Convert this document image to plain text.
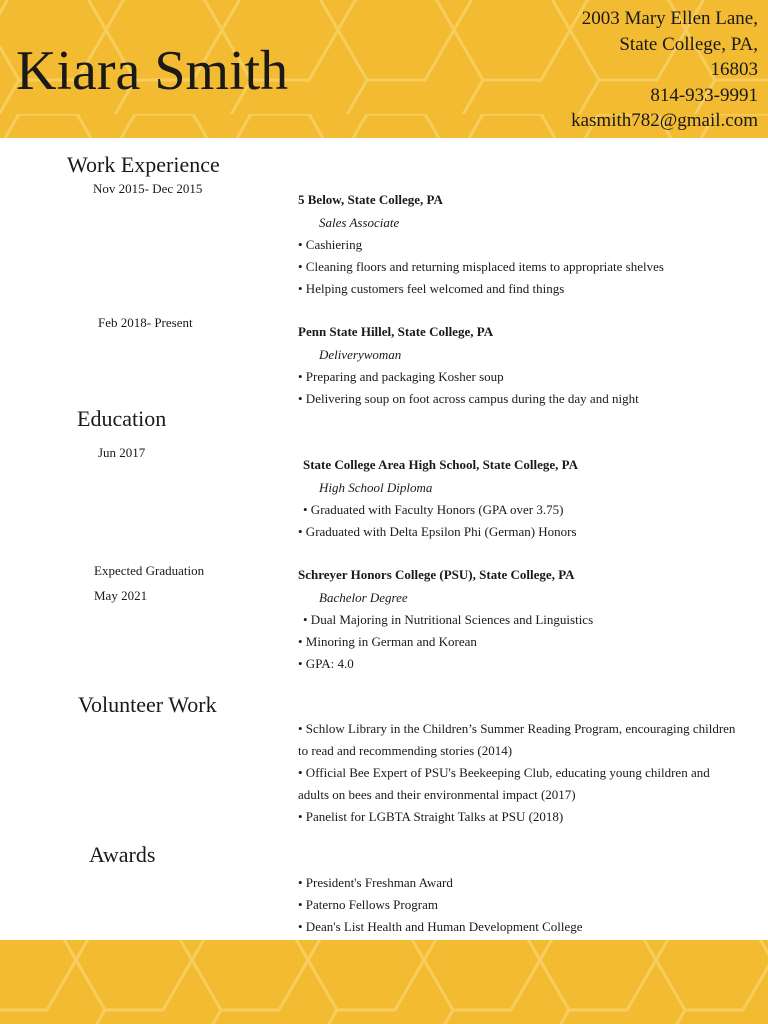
Kiara Smith
2003 Mary Ellen Lane,
State College, PA,
16803
814-933-9991
kasmith782@gmail.com
Work Experience
Nov 2015- Dec 2015
5 Below, State College, PA
Sales Associate
• Cashiering
• Cleaning floors and returning misplaced items to appropriate shelves
• Helping customers feel welcomed and find things
Feb 2018- Present
Penn State Hillel, State College, PA
Deliverywoman
• Preparing and packaging Kosher soup
• Delivering soup on foot across campus during the day and night
Education
Jun 2017
State College Area High School, State College, PA
High School Diploma
• Graduated with Faculty Honors (GPA over 3.75)
• Graduated with Delta Epsilon Phi (German) Honors
Expected Graduation
May 2021
Schreyer Honors College (PSU), State College, PA
Bachelor Degree
• Dual Majoring in Nutritional Sciences and Linguistics
• Minoring in German and Korean
• GPA: 4.0
Volunteer Work
• Schlow Library in the Children’s Summer Reading Program, encouraging children to read and recommending stories (2014)
• Official Bee Expert of PSU's Beekeeping Club, educating young children and adults on bees and their environmental impact (2017)
• Panelist for LGBTA Straight Talks at PSU (2018)
Awards
• President's Freshman Award
• Paterno Fellows Program
• Dean's List Health and Human Development College
